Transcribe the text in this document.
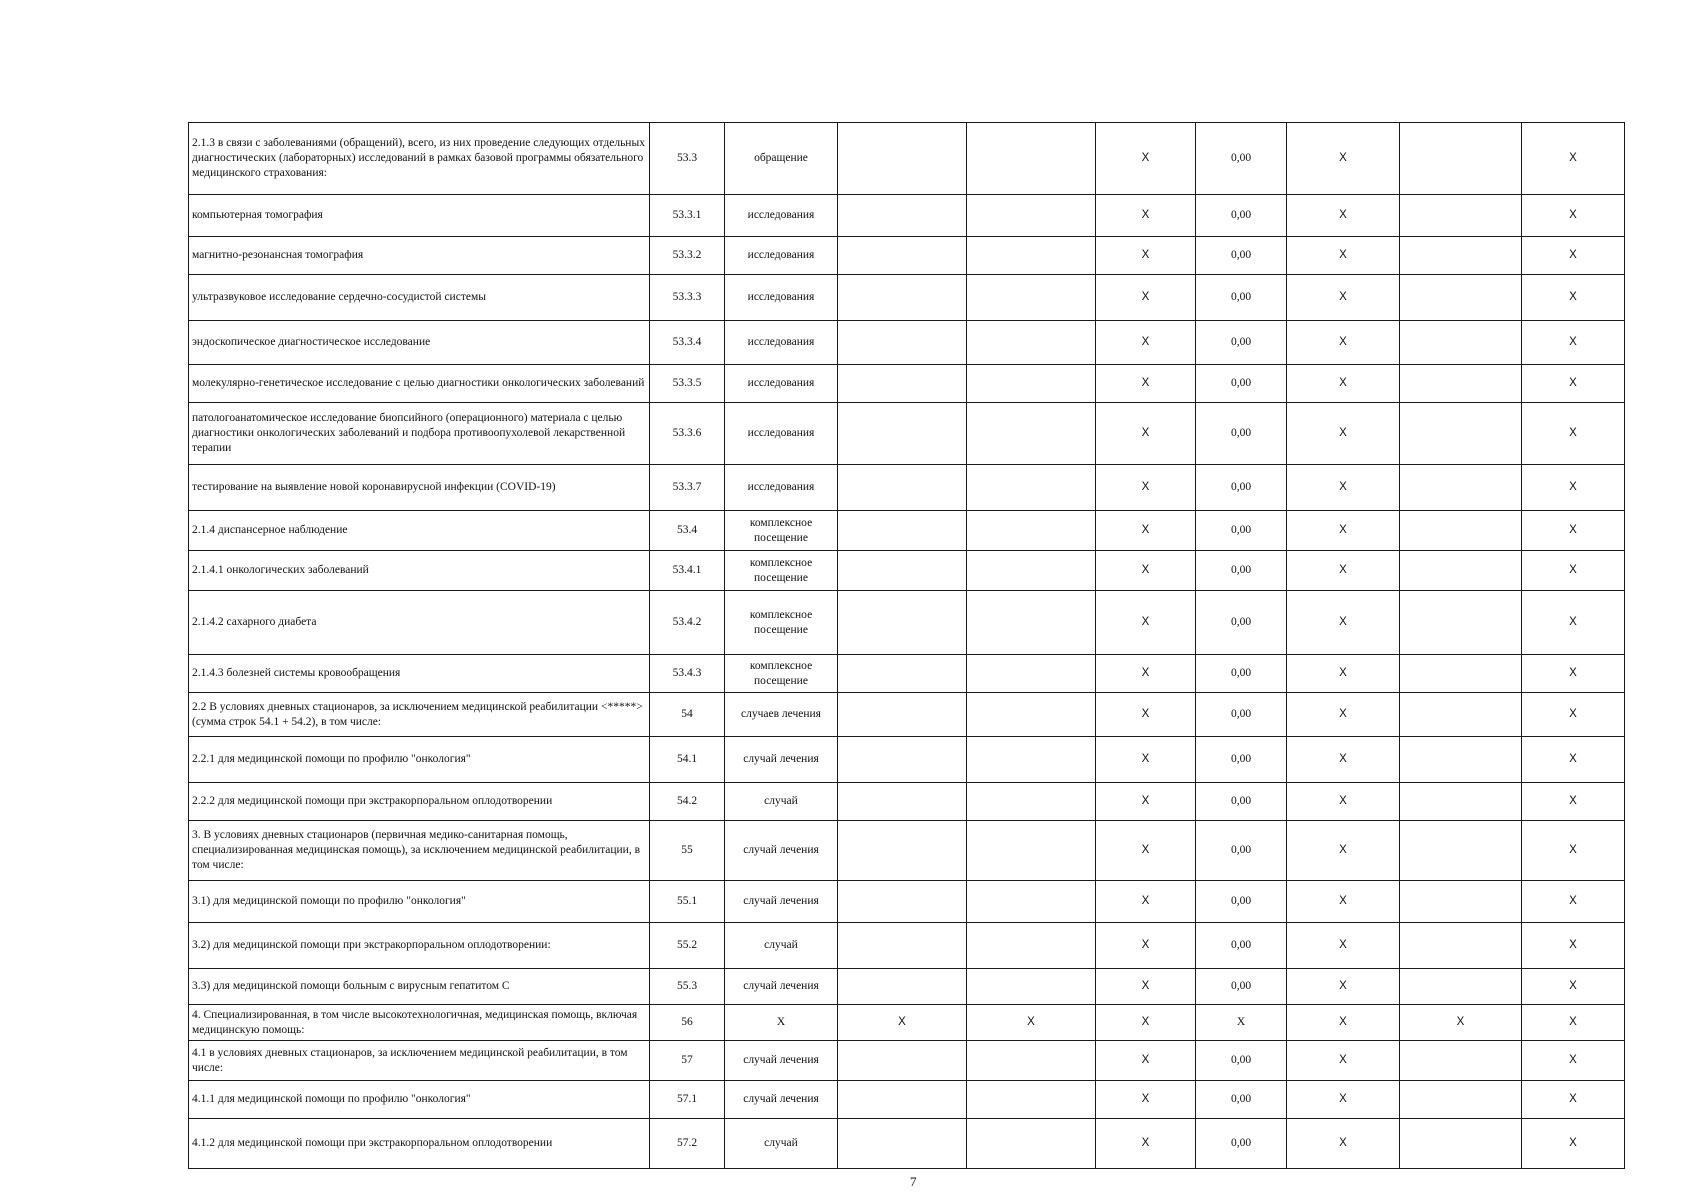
2.1.3 в связи с заболеваниями (обращений), всего, из них проведение следующих отдельных диагностических (лабораторных) исследований в рамках базовой программы обязательного медицинского страхования:	53.3	обращение			X	0,00	X		X
компьютерная томография	53.3.1	исследования			X	0,00	X		X
магнитно-резонансная томография	53.3.2	исследования			X	0,00	X		X
ультразвуковое исследование сердечно-сосудистой системы	53.3.3	исследования			X	0,00	X		X
эндоскопическое диагностическое исследование	53.3.4	исследования			X	0,00	X		X
молекулярно-генетическое исследование с целью диагностики онкологических заболеваний	53.3.5	исследования			X	0,00	X		X
патологоанатомическое исследование биопсийного (операционного) материала с целью диагностики онкологических заболеваний и подбора противоопухолевой лекарственной терапии	53.3.6	исследования			X	0,00	X		X
тестирование на выявление новой коронавирусной инфекции (COVID-19)	53.3.7	исследования			X	0,00	X		X
2.1.4 диспансерное наблюдение	53.4	комплексное посещение			X	0,00	X		X
2.1.4.1 онкологических заболеваний	53.4.1	комплексное посещение			X	0,00	X		X
2.1.4.2 сахарного диабета	53.4.2	комплексное посещение			X	0,00	X		X
2.1.4.3 болезней системы кровообращения	53.4.3	комплексное посещение			X	0,00	X		X
2.2 В условиях дневных стационаров, за исключением медицинской реабилитации <*****> (сумма строк 54.1 + 54.2), в том числе:	54	случаев лечения			X	0,00	X		X
2.2.1 для медицинской помощи по профилю "онкология"	54.1	случай лечения			X	0,00	X		X
2.2.2 для медицинской помощи при экстракорпоральном оплодотворении	54.2	случай			X	0,00	X		X
3. В условиях дневных стационаров (первичная медико-санитарная помощь, специализированная медицинская помощь), за исключением медицинской реабилитации, в том числе:	55	случай лечения			X	0,00	X		X
3.1) для медицинской помощи по профилю "онкология"	55.1	случай лечения			X	0,00	X		X
3.2) для медицинской помощи при экстракорпоральном оплодотворении:	55.2	случай			X	0,00	X		X
3.3) для медицинской помощи больным с вирусным гепатитом С	55.3	случай лечения			X	0,00	X		X
4. Специализированная, в том числе высокотехнологичная, медицинская помощь, включая медицинскую помощь:	56	X	X	X	X	X	X	X	X
4.1 в условиях дневных стационаров, за исключением медицинской реабилитации, в том числе:	57	случай лечения			X	0,00	X		X
4.1.1 для медицинской помощи по профилю "онкология"	57.1	случай лечения			X	0,00	X		X
4.1.2 для медицинской помощи при экстракорпоральном оплодотворении	57.2	случай			X	0,00	X		X
7
